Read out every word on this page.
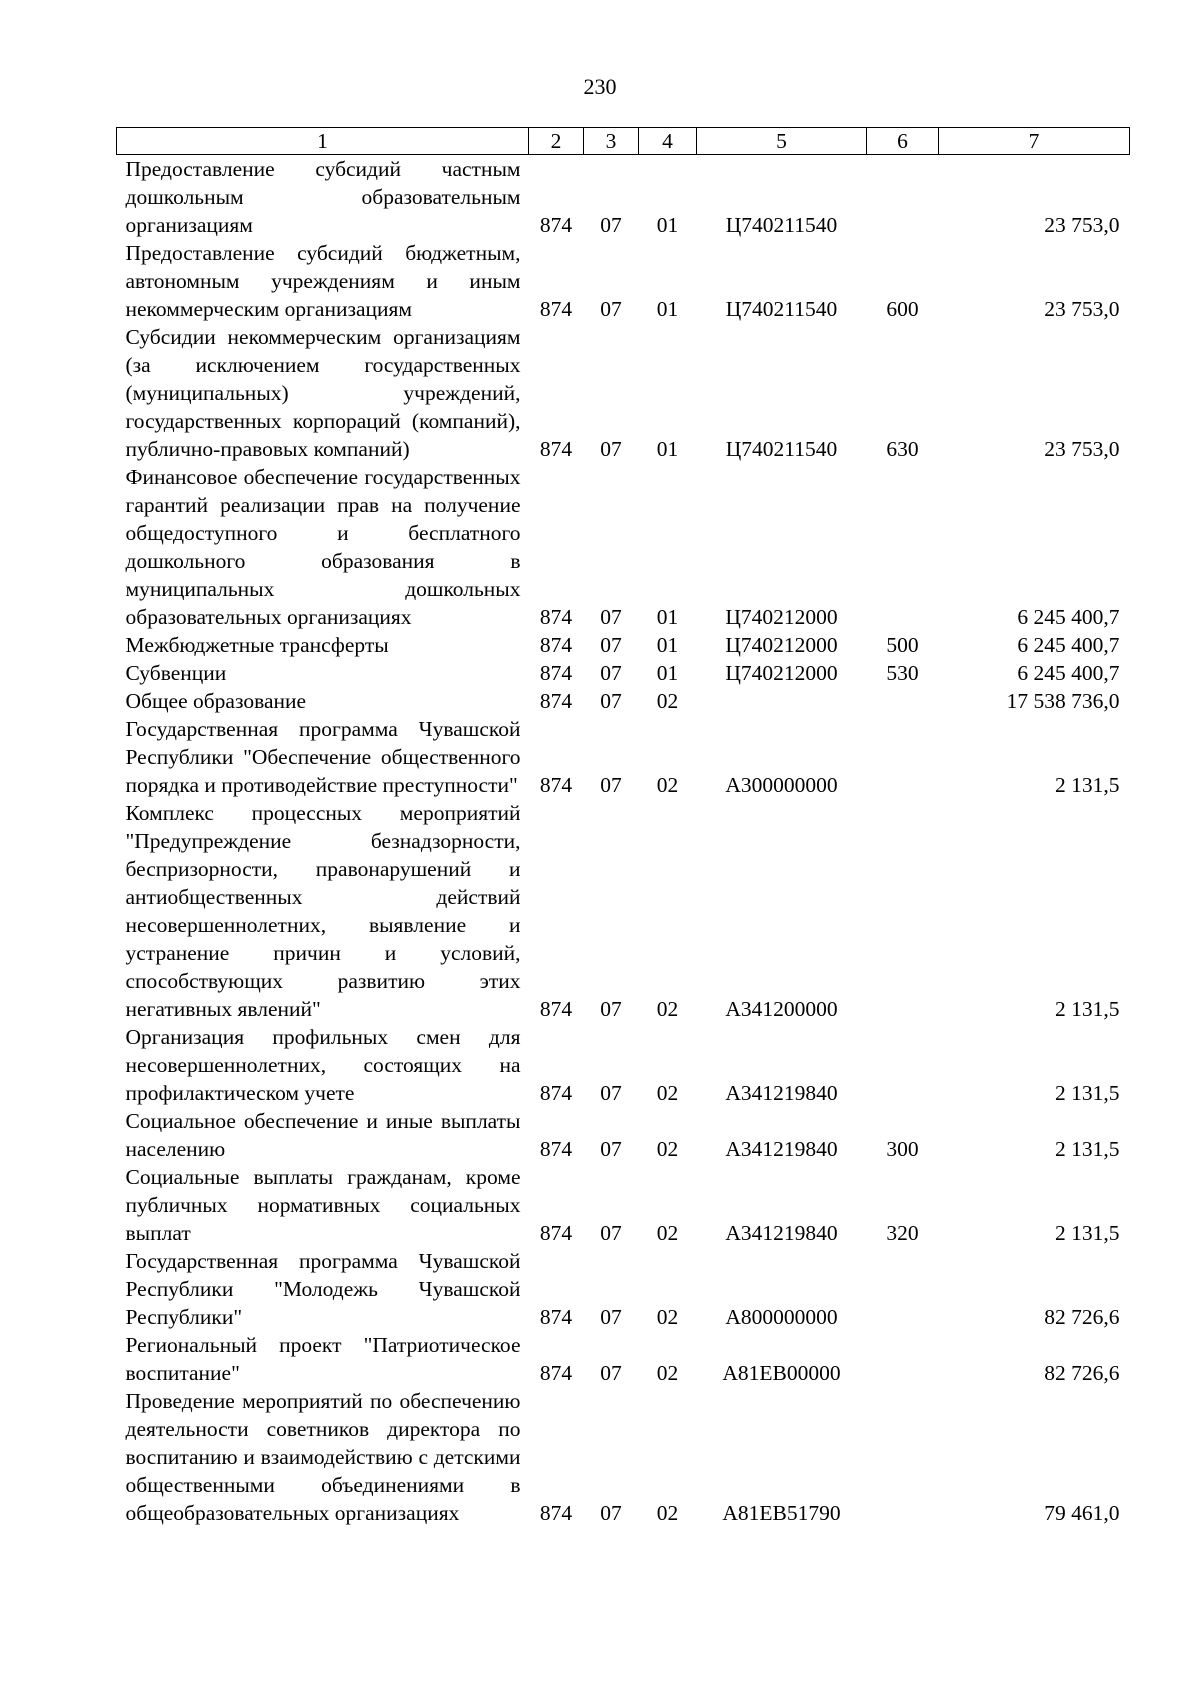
230
1	2	3	4	5	6	7
Предоставление субсидий частным дошкольным образовательным организациям	874	07	01	Ц740211540		23 753,0
Предоставление субсидий бюджетным, автономным учреждениям и иным некоммерческим организациям	874	07	01	Ц740211540	600	23 753,0
Субсидии некоммерческим организациям (за исключением государственных (муниципальных) учреждений, государственных корпораций (компаний), публично-правовых компаний)	874	07	01	Ц740211540	630	23 753,0
Финансовое обеспечение государственных гарантий реализации прав на получение общедоступного и бесплатного дошкольного образования в муниципальных дошкольных образовательных организациях	874	07	01	Ц740212000		6 245 400,7
Межбюджетные трансферты	874	07	01	Ц740212000	500	6 245 400,7
Субвенции	874	07	01	Ц740212000	530	6 245 400,7
Общее образование	874	07	02			17 538 736,0
Государственная программа Чувашской Республики "Обеспечение общественного порядка и противодействие преступности"	874	07	02	А300000000		2 131,5
Комплекс процессных мероприятий "Предупреждение безнадзорности, беспризорности, правонарушений и антиобщественных действий несовершеннолетних, выявление и устранение причин и условий, способствующих развитию этих негативных явлений"	874	07	02	А341200000		2 131,5
Организация профильных смен для несовершеннолетних, состоящих на профилактическом учете	874	07	02	А341219840		2 131,5
Социальное обеспечение и иные выплаты населению	874	07	02	А341219840	300	2 131,5
Социальные выплаты гражданам, кроме публичных нормативных социальных выплат	874	07	02	А341219840	320	2 131,5
Государственная программа Чувашской Республики "Молодежь Чувашской Республики"	874	07	02	А800000000		82 726,6
Региональный проект "Патриотическое воспитание"	874	07	02	А81ЕВ00000		82 726,6
Проведение мероприятий по обеспечению деятельности советников директора по воспитанию и взаимодействию с детскими общественными объединениями в общеобразовательных организациях	874	07	02	А81ЕВ51790		79 461,0
